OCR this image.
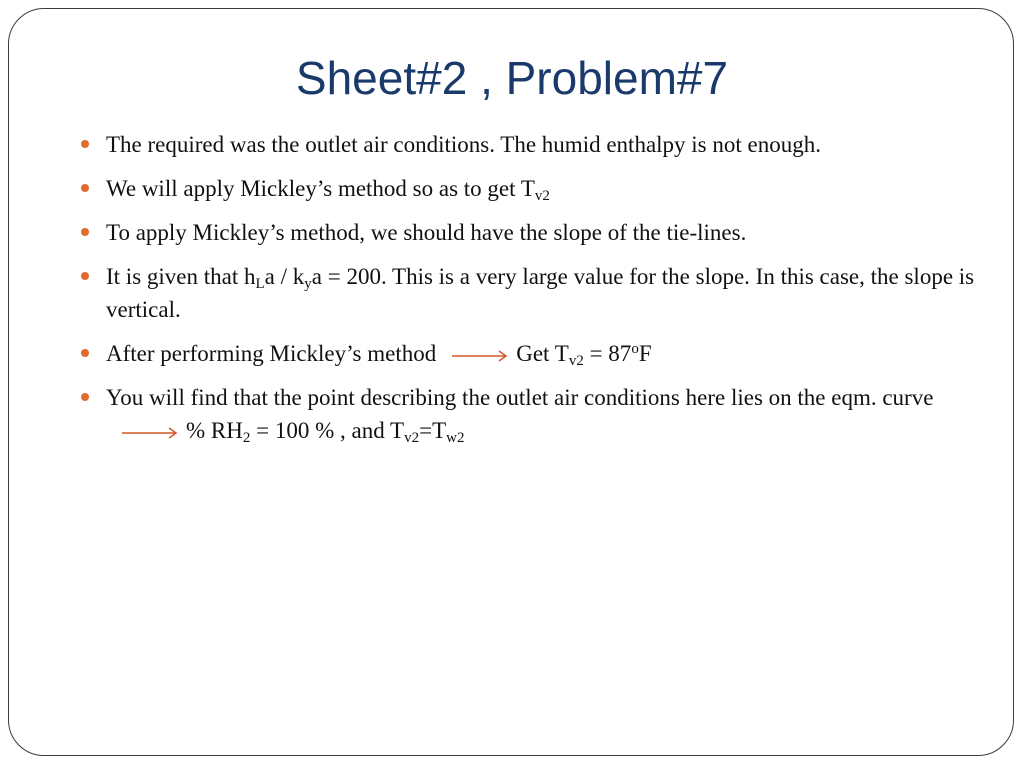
Sheet#2 , Problem#7
The required was the outlet air conditions. The humid enthalpy is not enough.
We will apply Mickley’s method so as to get $T_{v2}$
To apply Mickley’s method, we should have the slope of the tie-lines.
It is given that $h_La / k_ya = 200$. This is a very large value for the slope. In this case, the slope is vertical.
After performing Mickley’s method	Get $T_{v2} = 87^oF$
You will find that the point describing the outlet air conditions here lies on the eqm. curve% $RH_2 = 100$ % , and $T_{v2}=T_{w2}$
